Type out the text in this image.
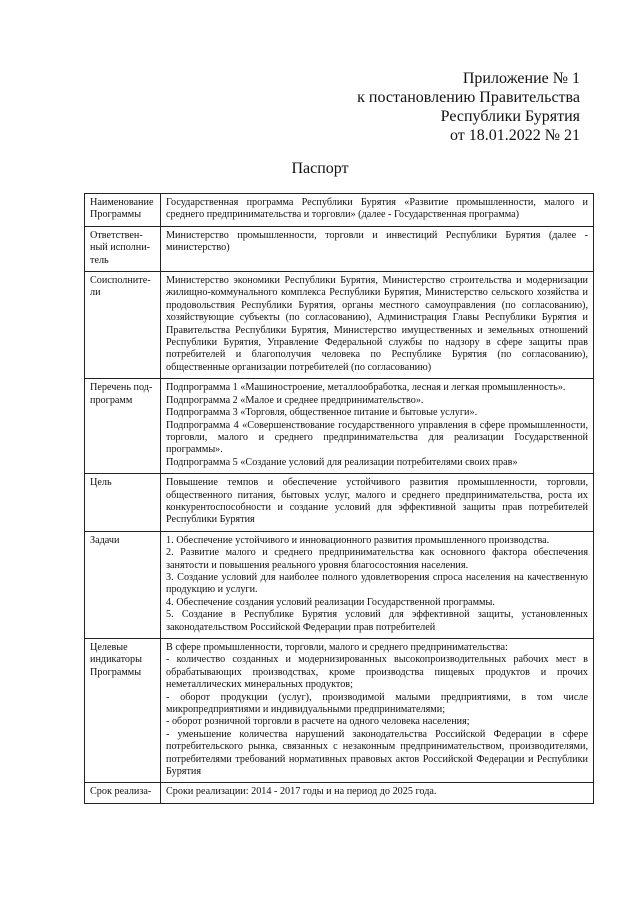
Приложение № 1
к постановлению Правительства
Республики Бурятия
от 18.01.2022 № 21
Паспорт
Наименование Программы	Государственная программа Республики Бурятия «Развитие промышленности, малого и среднего предпринимательства и торговли» (далее - Государственная программа)

Ответствен-ный исполни-тель	Министерство промышленности, торговли и инвестиций Республики Бурятия (далее - министерство)

Соисполните-ли	Министерство экономики Республики Бурятия, Министерство строительства и модернизации жилищно-коммунального комплекса Республики Бурятия, Министерство сельского хозяйства и продовольствия Республики Бурятия, органы местного самоуправления (по согласованию), хозяйствующие субъекты (по согласованию), Администрация Главы Республики Бурятия и Правительства Республики Бурятия, Министерство имущественных и земельных отношений Республики Бурятия, Управление Федеральной службы по надзору в сфере защиты прав потребителей и благополучия человека по Республике Бурятия (по согласованию), общественные организации потребителей (по согласованию)

Перечень под-программ	Подпрограмма 1 «Машиностроение, металлообработка, лесная и легкая промышленность».
Подпрограмма 2 «Малое и среднее предпринимательство».
Подпрограмма 3 «Торговля, общественное питание и бытовые услуги».
Подпрограмма 4 «Совершенствование государственного управления в сфере промышленности, торговли, малого и среднего предпринимательства для реализации Государственной программы».
Подпрограмма 5 «Создание условий для реализации потребителями своих прав»

Цель	Повышение темпов и обеспечение устойчивого развития промышленности, торговли, общественного питания, бытовых услуг, малого и среднего предпринимательства, роста их конкурентоспособности и создание условий для эффективной защиты прав потребителей Республики Бурятия

Задачи	1. Обеспечение устойчивого и инновационного развития промышленного производства.
2. Развитие малого и среднего предпринимательства как основного фактора обеспечения занятости и повышения реального уровня благосостояния населения.
3. Создание условий для наиболее полного удовлетворения спроса населения на качественную продукцию и услуги.
4. Обеспечение создания условий реализации Государственной программы.
5. Создание в Республике Бурятия условий для эффективной защиты, установленных законодательством Российской Федерации прав потребителей

Целевые индикаторы Программы	В сфере промышленности, торговли, малого и среднего предпринимательства:
- количество созданных и модернизированных высокопроизводительных рабочих мест в обрабатывающих производствах, кроме производства пищевых продуктов и прочих неметаллических минеральных продуктов;
- оборот продукции (услуг), производимой малыми предприятиями, в том числе микропредприятиями и индивидуальными предпринимателями;
- оборот розничной торговли в расчете на одного человека населения;
- уменьшение количества нарушений законодательства Российской Федерации в сфере потребительского рынка, связанных с незаконным предпринимательством, производителями, потребителями требований нормативных правовых актов Российской Федерации и Республики Бурятия

Срок реализа-	Сроки реализации: 2014 - 2017 годы и на период до 2025 года.
